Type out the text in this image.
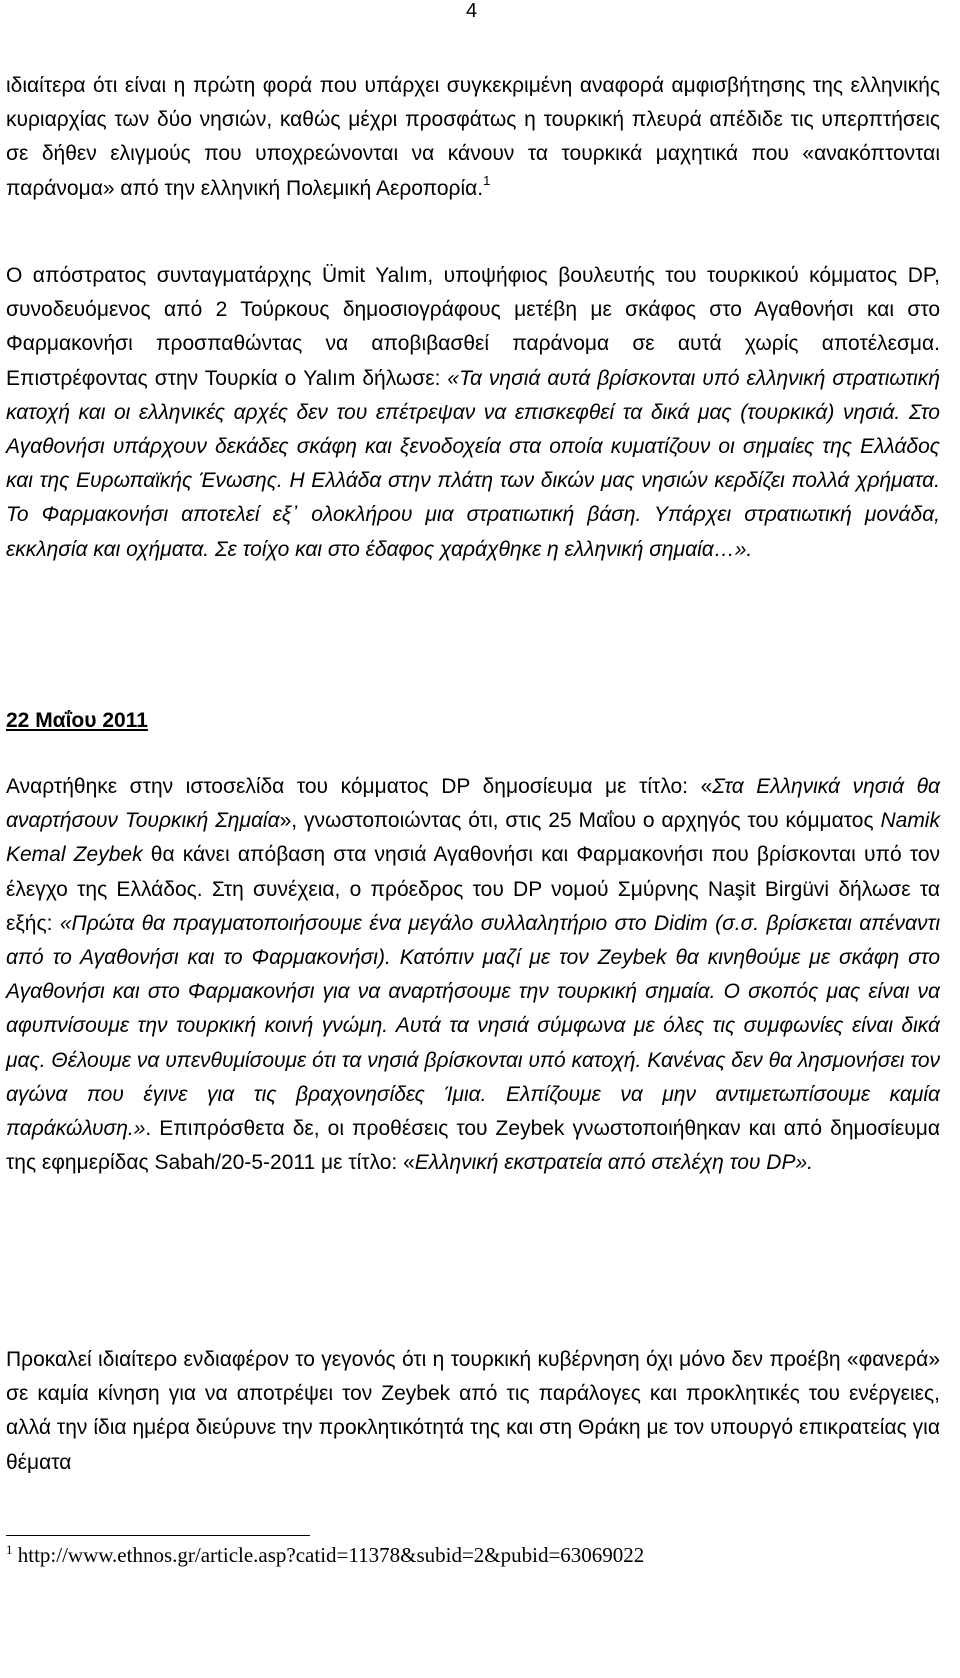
4

ιδιαίτερα ότι είναι η πρώτη φορά που υπάρχει συγκεκριμένη αναφορά αμφισβήτησης της ελληνικής κυριαρχίας των δύο νησιών, καθώς μέχρι προσφάτως η τουρκική πλευρά απέδιδε τις υπερπτήσεις σε δήθεν ελιγμούς που υποχρεώνονται να κάνουν τα τουρκικά μαχητικά που «ανακόπτονται παράνομα» από την ελληνική Πολεμική Αεροπορία.$^1$

Ο απόστρατος συνταγματάρχης Ümit Yalım, υποψήφιος βουλευτής του τουρκικού κόμματος DP, συνοδευόμενος από 2 Τούρκους δημοσιογράφους μετέβη με σκάφος στο Αγαθονήσι και στο Φαρμακονήσι προσπαθώντας να αποβιβασθεί παράνομα σε αυτά χωρίς αποτέλεσμα. Επιστρέφοντας στην Τουρκία ο Yalım δήλωσε: «Τα νησιά αυτά βρίσκονται υπό ελληνική στρατιωτική κατοχή και οι ελληνικές αρχές δεν του επέτρεψαν να επισκεφθεί τα δικά μας (τουρκικά) νησιά. Στο Αγαθονήσι υπάρχουν δεκάδες σκάφη και ξενοδοχεία στα οποία κυματίζουν οι σημαίες της Ελλάδος και της Ευρωπαϊκής Ένωσης. Η Ελλάδα στην πλάτη των δικών μας νησιών κερδίζει πολλά χρήματα. Το Φαρμακονήσι αποτελεί εξ᾽ ολοκλήρου μια στρατιωτική βάση. Υπάρχει στρατιωτική μονάδα, εκκλησία και οχήματα. Σε τοίχο και στο έδαφος χαράχθηκε η ελληνική σημαία…».

22 Μαΐου 2011

Αναρτήθηκε στην ιστοσελίδα του κόμματος DP δημοσίευμα με τίτλο: «Στα Ελληνικά νησιά θα αναρτήσουν Τουρκική Σημαία», γνωστοποιώντας ότι, στις 25 Μαΐου ο αρχηγός του κόμματος Namik Kemal Zeybek θα κάνει απόβαση στα νησιά Αγαθονήσι και Φαρμακονήσι που βρίσκονται υπό τον έλεγχο της Ελλάδος. Στη συνέχεια, ο πρόεδρος του DP νομού Σμύρνης Naşit Birgüvi δήλωσε τα εξής: «Πρώτα θα πραγματοποιήσουμε ένα μεγάλο συλλαλητήριο στο Didim (σ.σ. βρίσκεται απέναντι από το Αγαθονήσι και το Φαρμακονήσι). Κατόπιν μαζί με τον Zeybek θα κινηθούμε με σκάφη στο Αγαθονήσι και στο Φαρμακονήσι για να αναρτήσουμε την τουρκική σημαία. Ο σκοπός μας είναι να αφυπνίσουμε την τουρκική κοινή γνώμη. Αυτά τα νησιά σύμφωνα με όλες τις συμφωνίες είναι δικά μας. Θέλουμε να υπενθυμίσουμε ότι τα νησιά βρίσκονται υπό κατοχή. Κανένας δεν θα λησμονήσει τον αγώνα που έγινε για τις βραχονησίδες Ίμια. Ελπίζουμε να μην αντιμετωπίσουμε καμία παράκώλυση.». Επιπρόσθετα δε, οι προθέσεις του Zeybek γνωστοποιήθηκαν και από δημοσίευμα της εφημερίδας Sabah/20-5-2011 με τίτλο: «Ελληνική εκστρατεία από στελέχη του DP».

Προκαλεί ιδιαίτερο ενδιαφέρον το γεγονός ότι η τουρκική κυβέρνηση όχι μόνο δεν προέβη «φανερά» σε καμία κίνηση για να αποτρέψει τον Zeybek από τις παράλογες και προκλητικές του ενέργειες, αλλά την ίδια ημέρα διεύρυνε την προκλητικότητά της και στη Θράκη με τον υπουργό επικρατείας για θέματα

$^1$ http://www.ethnos.gr/article.asp?catid=11378&subid=2&pubid=63069022
